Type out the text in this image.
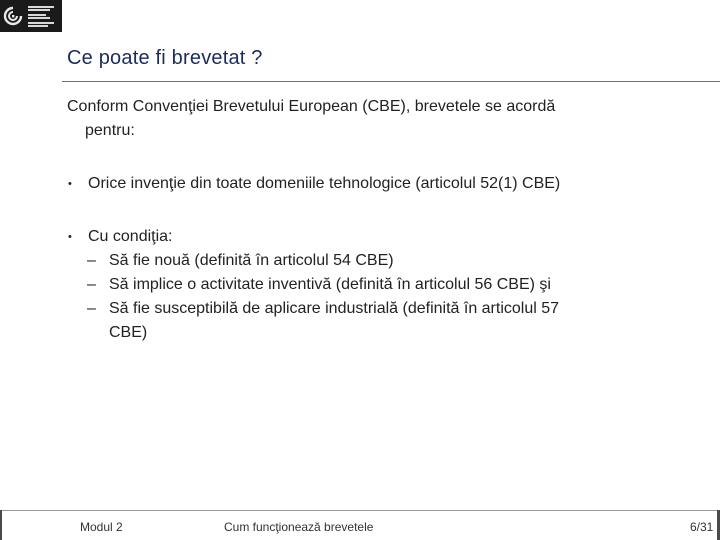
Ce poate fi brevetat ?
Conform Convenţiei Brevetului European (CBE), brevetele se acordă
pentru:
• Orice invenţie din toate domeniile tehnologice (articolul 52(1) CBE)
• Cu condiţia:
– Să fie nouă (definită în articolul 54 CBE)
– Să implice o activitate inventivă (definită în articolul 56 CBE) şi
– Să fie susceptibilă de aplicare industrială (definită în articolul 57
CBE)
Modul 2	Cum funcţionează brevetele	6/31
